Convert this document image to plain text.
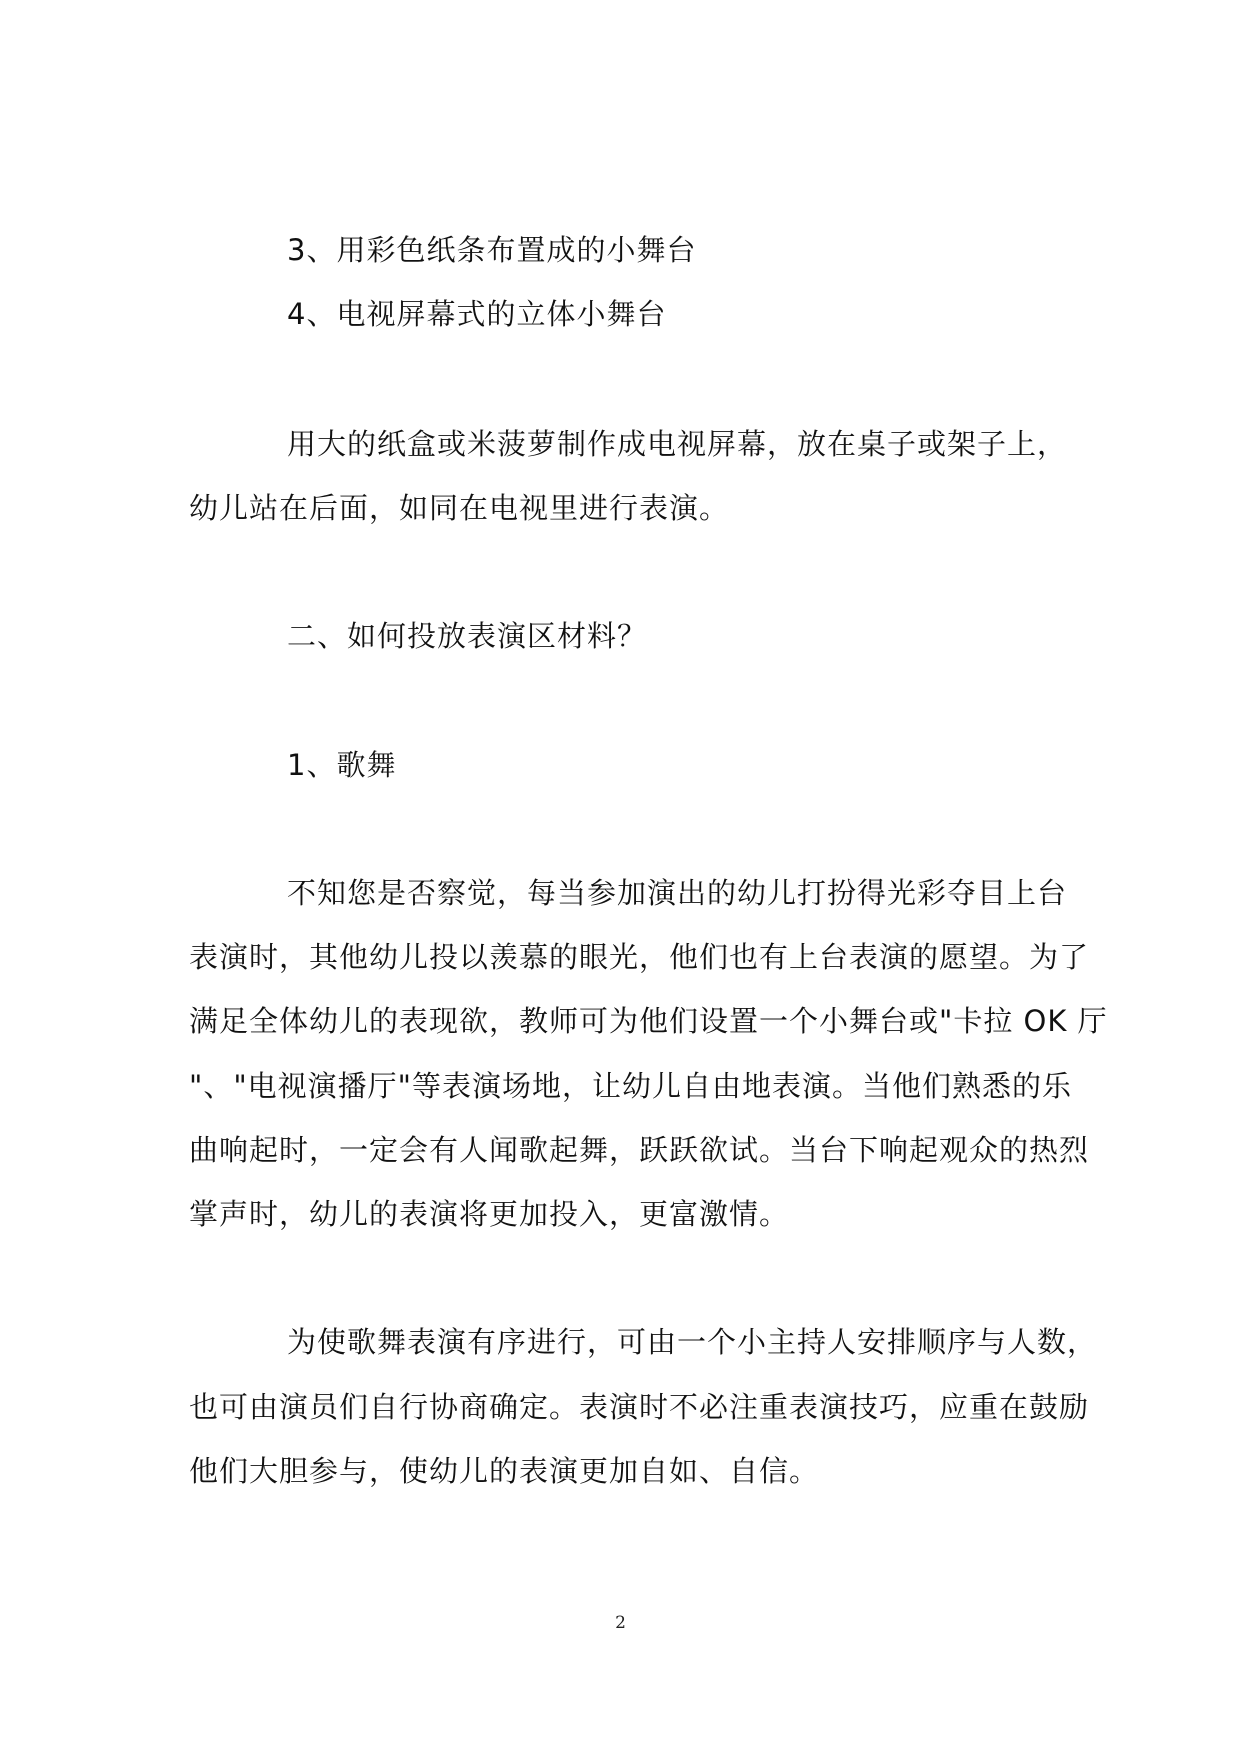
3、用彩色纸条布置成的小舞台
4、电视屏幕式的立体小舞台
用大的纸盒或米菠萝制作成电视屏幕，放在桌子或架子上，
幼儿站在后面，如同在电视里进行表演。
二、如何投放表演区材料？
1、歌舞
不知您是否察觉，每当参加演出的幼儿打扮得光彩夺目上台
表演时，其他幼儿投以羡慕的眼光，他们也有上台表演的愿望。为了
满足全体幼儿的表现欲，教师可为他们设置一个小舞台或"卡拉 OK 厅
"、"电视演播厅"等表演场地，让幼儿自由地表演。当他们熟悉的乐
曲响起时，一定会有人闻歌起舞，跃跃欲试。当台下响起观众的热烈
掌声时，幼儿的表演将更加投入，更富激情。
为使歌舞表演有序进行，可由一个小主持人安排顺序与人数，
也可由演员们自行协商确定。表演时不必注重表演技巧，应重在鼓励
他们大胆参与，使幼儿的表演更加自如、自信。
2
